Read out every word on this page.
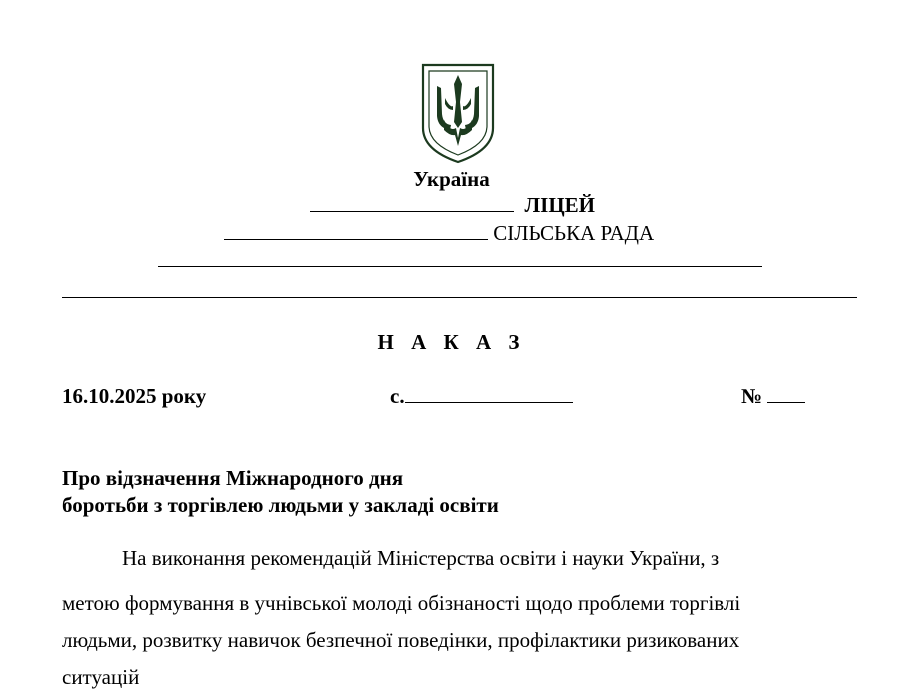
Україна
ЛІЦЕЙ
СІЛЬСЬКА РАДА
Н А К А З
16.10.2025 року	с.	№
Про відзначення Міжнародного дня
боротьби з торгівлею людьми у закладі освіти
На виконання рекомендацій Міністерства освіти і науки України, з
метою формування в учнівської молоді обізнаності щодо проблеми торгівлі
людьми, розвитку навичок безпечної поведінки, профілактики ризикованих
ситуацій
